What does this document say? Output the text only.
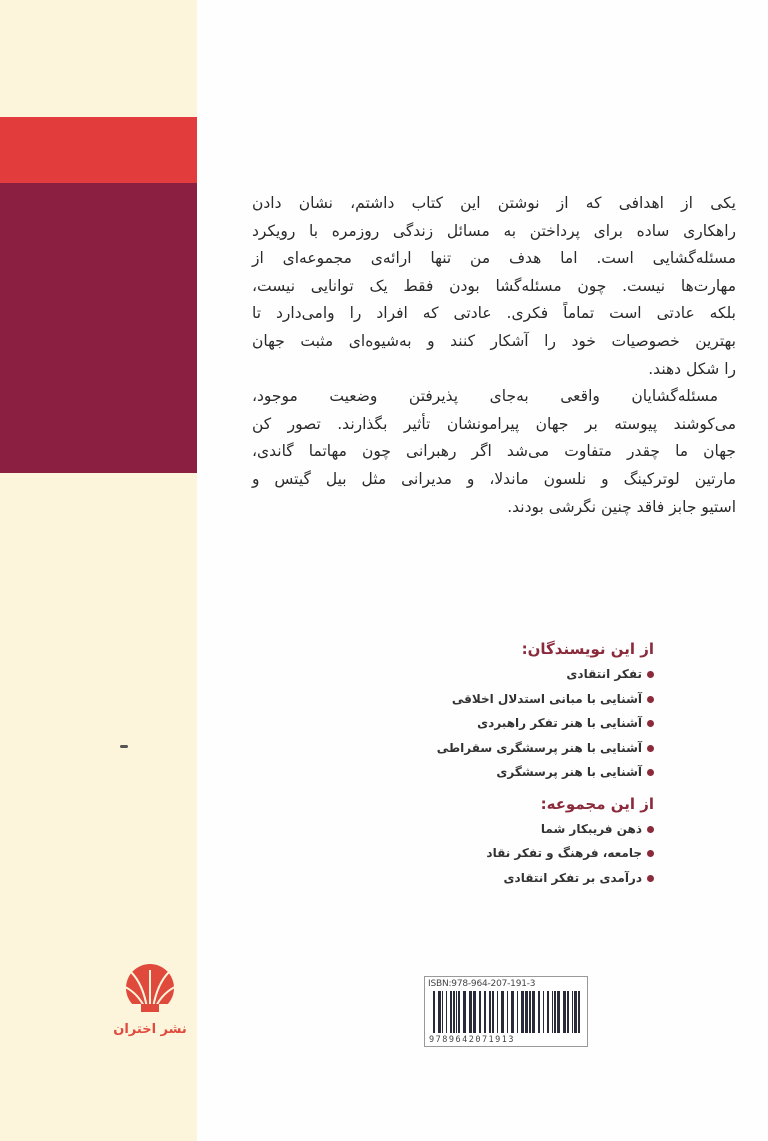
یکی از اهدافی که از نوشتن این کتاب داشتم، نشان دادن
راهکاری ساده برای پرداختن به مسائل زندگی روزمره با رویکرد
مسئله‌گشایی است. اما هدف من تنها ارائه‌ی مجموعه‌ای از
مهارت‌ها نیست. چون مسئله‌گشا بودن فقط یک توانایی نیست،
بلکه عادتی است تماماً فکری. عادتی که افراد را وامی‌دارد تا
بهترین خصوصیات خود را آشکار کنند و به‌شیوه‌ای مثبت جهان
را شکل دهند.
مسئله‌گشایان واقعی به‌جای پذیرفتن وضعیت موجود،
می‌کوشند پیوسته بر جهان پیرامونشان تأثیر بگذارند. تصور کن
جهان ما چقدر متفاوت می‌شد اگر رهبرانی چون مهاتما گاندی،
مارتین لوترکینگ و نلسون ماندلا، و مدیرانی مثل بیل گیتس و
استیو جابز فاقد چنین نگرشی بودند.
از این نویسندگان:
تفکر انتقادی
آشنایی با مبانی استدلال اخلاقی
آشنایی با هنر تفکر راهبردی
آشنایی با هنر پرسشگری سقراطی
آشنایی با هنر پرسشگری
از این مجموعه:
ذهن فریبکار شما
جامعه، فرهنگ و تفکر نقاد
درآمدی بر تفکر انتقادی
نشر اختران
ISBN:978-964-207-191-3
9789642071913
